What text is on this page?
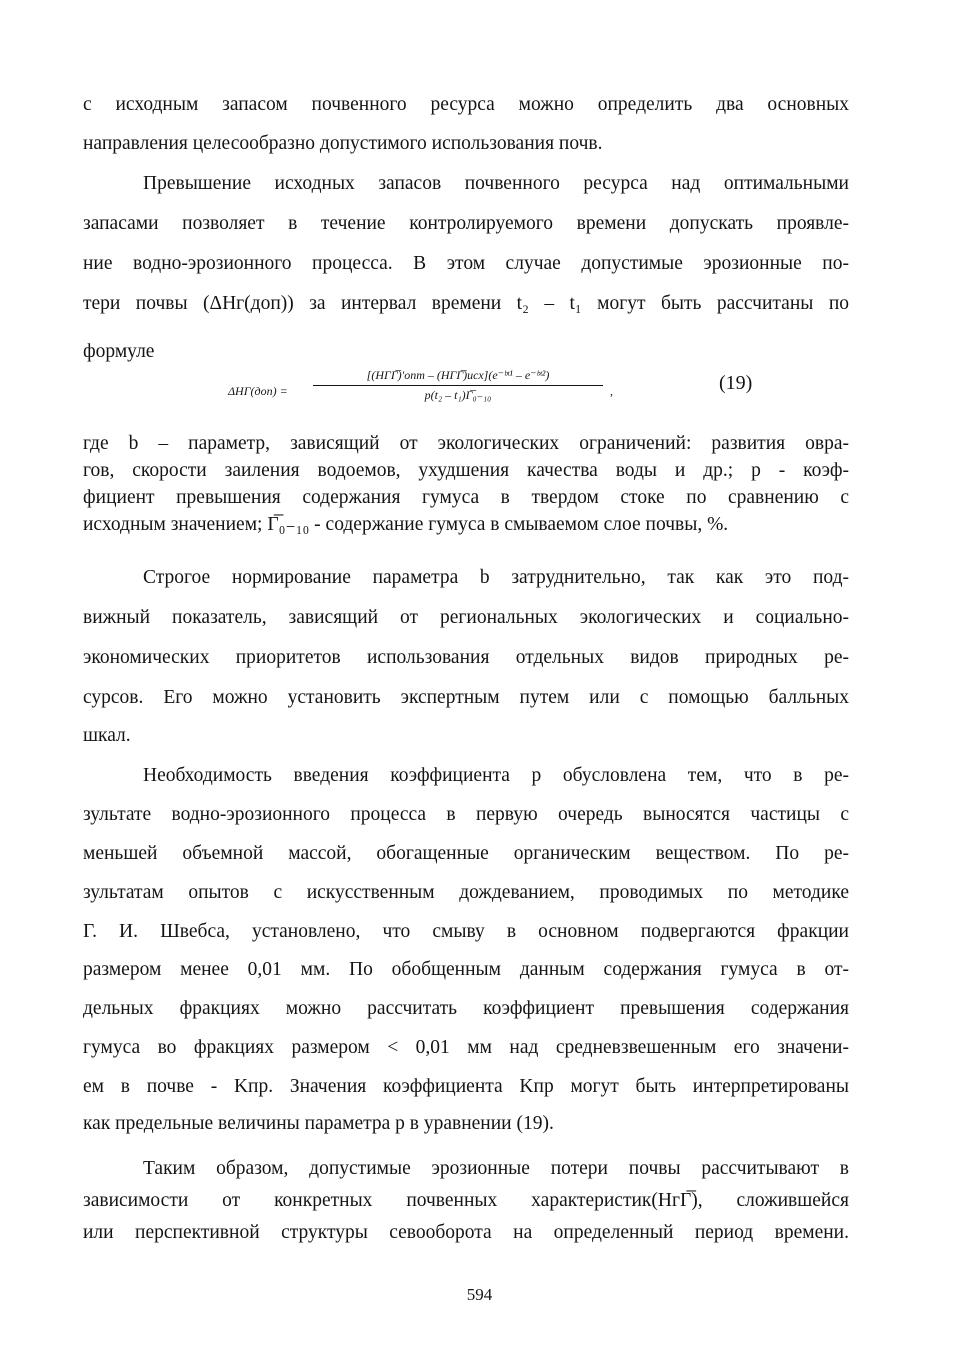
с исходным запасом почвенного ресурса можно определить два основных
направления целесообразно допустимого использования почв.
Превышение исходных запасов почвенного ресурса над оптимальными
запасами позволяет в течение контролируемого времени допускать проявле-
ние водно-эрозионного процесса. В этом случае допустимые эрозионные по-
тери почвы (ΔHг(доп)) за интервал времени t₂ – t₁ могут быть рассчитаны по
формуле
ΔHГ(доп) =
[(HГГ̅)'опт – (HГГ̅)исх](e⁻ᵇᵗ¹ – e⁻ᵇᵗ²)
p(t₂ – t₁)Г̅₀₋₁₀	,	(19)
где b – параметр, зависящий от экологических ограничений: развития овра-
гов, скорости заиления водоемов, ухудшения качества воды и др.; p - коэф-
фициент превышения содержания гумуса в твердом стоке по сравнению с
исходным значением; Г̅₀₋₁₀ - содержание гумуса в смываемом слое почвы, %.
Строгое нормирование параметра b затруднительно, так как это под-
вижный показатель, зависящий от региональных экологических и социально-
экономических приоритетов использования отдельных видов природных ре-
сурсов. Его можно установить экспертным путем или с помощью балльных
шкал.
Необходимость введения коэффициента p обусловлена тем, что в ре-
зультате водно-эрозионного процесса в первую очередь выносятся частицы с
меньшей объемной массой, обогащенные органическим веществом. По ре-
зультатам опытов с искусственным дождеванием, проводимых по методике
Г. И. Швебса, установлено, что смыву в основном подвергаются фракции
размером менее 0,01 мм. По обобщенным данным содержания гумуса в от-
дельных фракциях можно рассчитать коэффициент превышения содержания
гумуса во фракциях размером < 0,01 мм над средневзвешенным его значени-
ем в почве - Kпр. Значения коэффициента Kпр могут быть интерпретированы
как предельные величины параметра p в уравнении (19).
Таким образом, допустимые эрозионные потери почвы рассчитывают в
зависимости от конкретных почвенных характеристик(HгГ̅), сложившейся
или перспективной структуры севооборота на определенный период времени.
594
